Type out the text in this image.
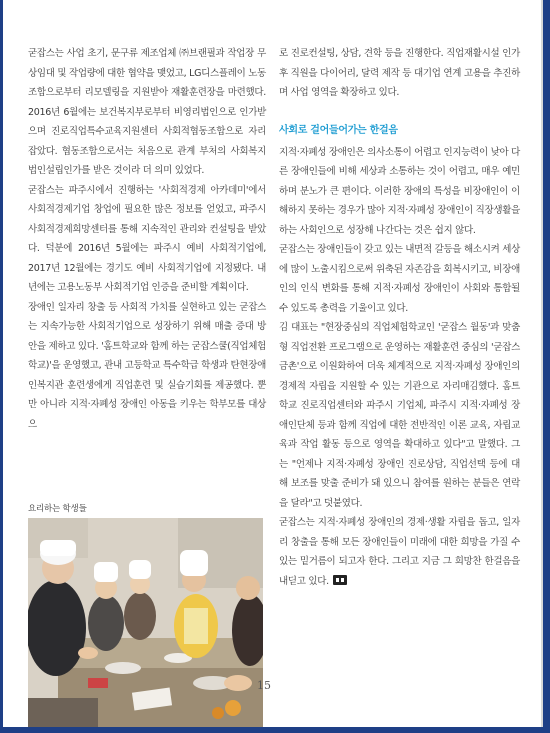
굳잡스는 사업 초기, 문구류 제조업체 ㈜브랜필과 작업장 무상임대 및 작업량에 대한 협약을 맺었고, LG디스플레이 노동조합으로부터 리모델링을 지원받아 재활훈련장을 마련했다. 2016년 6월에는 보건복지부로부터 비영리법인으로 인가받으며 진로직업특수교육지원센터 사회적협동조합으로 자리 잡았다. 협동조합으로서는 처음으로 관계 부처의 사회복지법인설립인가를 받은 것이라 더 의미 있었다.

굳잡스는 파주시에서 진행하는 '사회적경제 아카데미'에서 사회적경제기업 창업에 필요한 많은 정보를 얻었고, 파주시사회적경제희망센터를 통해 지속적인 관리와 컨설팅을 받았다. 덕분에 2016년 5월에는 파주시 예비 사회적기업에, 2017년 12월에는 경기도 예비 사회적기업에 지정됐다. 내년에는 고용노동부 사회적기업 인증을 준비할 계획이다.

장애인 일자리 창출 등 사회적 가치를 실현하고 있는 굳잡스는 지속가능한 사회적기업으로 성장하기 위해 매출 증대 방안을 제하고 있다. '홈트학교와 함께 하는 굳잡스쿨(직업체험학교)'을 운영했고, 관내 고등학교 특수학급 학생과 탄현장애인복지관 훈련생에게 직업훈련 및 실습기회를 제공했다. 뿐만 아니라 지적·자폐성 장애인 아동을 키우는 학부모를 대상으

요리하는 학생들

로 진로컨설팅, 상담, 견학 등을 진행한다. 직업재활시설 인가 후 직원을 다이어리, 달력 제작 등 대기업 연계 고용을 추진하며 사업 영역을 확장하고 있다.

사회로 걸어들어가는 한걸음

지적·자폐성 장애인은 의사소통이 어렵고 인지능력이 낮아 다른 장애인들에 비해 세상과 소통하는 것이 어렵고, 매우 예민하며 분노가 큰 편이다. 이러한 장애의 특성을 비장애인이 이해하지 못하는 경우가 많아 지적·자폐성 장애인이 직장생활을 하는 사회인으로 성장해 나간다는 것은 쉽지 않다.

굳잡스는 장애인들이 갖고 있는 내면적 갈등을 해소시켜 세상에 많이 노출시킴으로써 위축된 자존감을 회복시키고, 비장애인의 인식 변화를 통해 지적·자폐성 장애인이 사회와 통합될 수 있도록 총력을 기울이고 있다.

김 대표는 "현장중심의 직업체험학교인 '굳잡스 월동'과 맞춤형 직업전환 프로그램으로 운영하는 재활훈련 중심의 '굳잡스 금촌'으로 이원화하여 더욱 체계적으로 지적·자폐성 장애인의 경제적 자립을 지원할 수 있는 기관으로 자리매김했다. 홈트학교 진로직업센터와 파주시 기업체, 파주시 지적·자폐성 장애인단체 등과 함께 직업에 대한 전반적인 이론 교육, 자립교육과 작업 활동 등으로 영역을 확대하고 있다"고 말했다. 그는 "언제나 지적·자폐성 장애인 진로상담, 직업선택 등에 대해 보조를 맞출 준비가 돼 있으니 참여를 원하는 분들은 연락을 달라"고 덧붙였다.

굳잡스는 지적·자폐성 장애인의 경제·생활 자립을 돕고, 일자리 창출을 통해 모든 장애인들이 미래에 대한 희망을 가질 수 있는 밑거름이 되고자 한다. 그리고 지금 그 희망찬 한걸음을 내딛고 있다.

15
